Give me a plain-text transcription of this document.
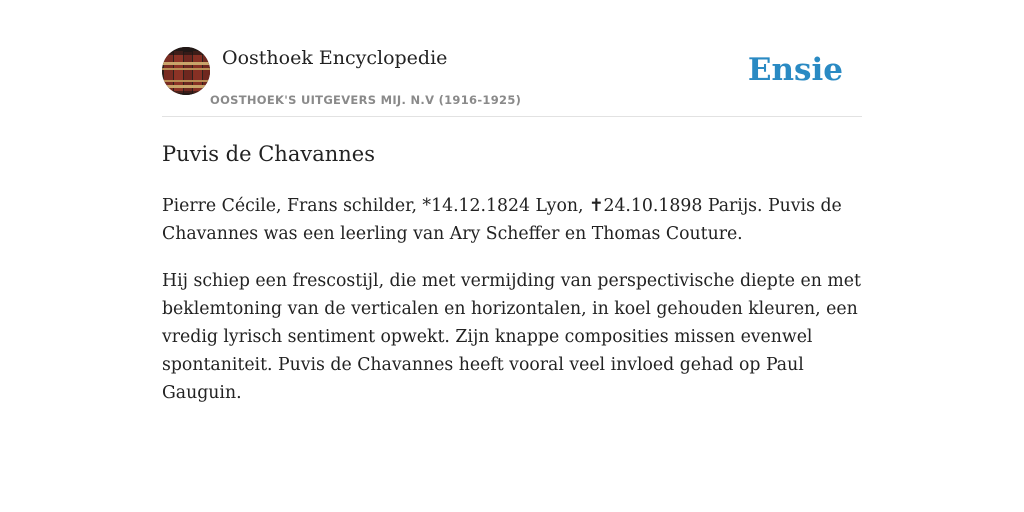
Oosthoek Encyclopedie
OOSTHOEK'S UITGEVERS MIJ. N.V (1916-1925)
Ensie
Puvis de Chavannes

Pierre Cécile, Frans schilder, *14.12.1824 Lyon, ✝24.10.1898 Parijs. Puvis de Chavannes was een leerling van Ary Scheffer en Thomas Couture.

Hij schiep een frescostijl, die met vermijding van perspectivische diepte en met beklemtoning van de verticalen en horizontalen, in koel gehouden kleuren, een vredig lyrisch sentiment opwekt. Zijn knappe composities missen evenwel spontaniteit. Puvis de Chavannes heeft vooral veel invloed gehad op Paul Gauguin.
